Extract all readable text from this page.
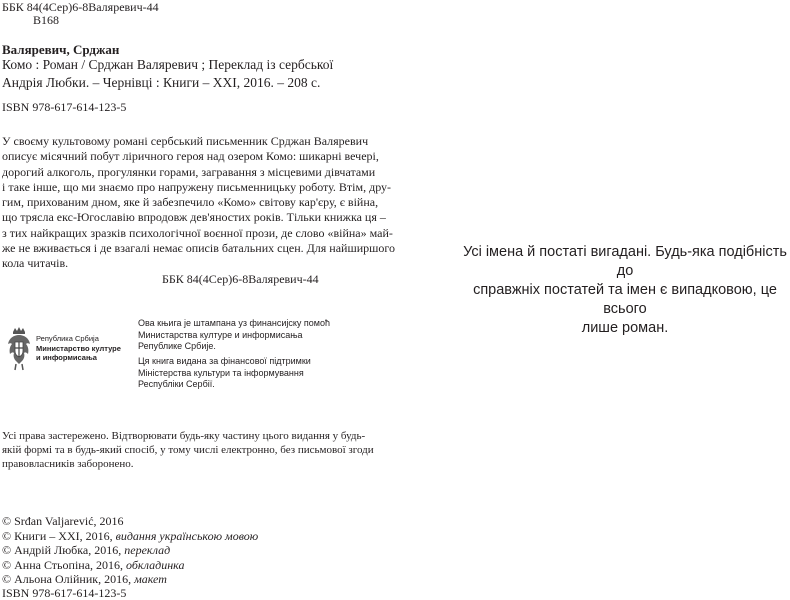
ББК 84(4Сер)6-8Валяревич-44
В168
Валяревич, Срджан
Комо : Роман / Срджан Валяревич ; Переклад із сербської
Андрія Любки. – Чернівці : Книги – ХХІ, 2016. – 208 с.
ISBN 978-617-614-123-5
У своєму культовому романі сербський письменник Срджан Валяревич
описує місячний побут ліричного героя над озером Комо: шикарні вечері,
дорогий алкоголь, прогулянки горами, загравання з місцевими дівчатами
і таке інше, що ми знаємо про напружену письменницьку роботу. Втім, дру-
гим, прихованим дном, яке й забезпечило «Комо» світову кар'єру, є війна,
що трясла екс-Югославію впродовж дев'яностих років. Тільки книжка ця –
з тих найкращих зразків психологічної воєнної прози, де слово «війна» май-
же не вживається і де взагалі немає описів батальних сцен. Для найширшого
кола читачів.
ББК 84(4Сер)6-8Валяревич-44
Република Србија
Министарство културе
и информисања
Ова књига је штампана уз финансијску помоћ
Министарства културе и информисања
Републике Србије.
Ця книга видана за фінансової підтримки
Міністерства культури та інформування
Республіки Сербії.
Усі права застережено. Відтворювати будь-яку частину цього видання у будь-
якій формі та в будь-який спосіб, у тому числі електронно, без письмової згоди
правовласників заборонено.
© Srđan Valjarević, 2016
© Книги – ХХІ, 2016, видання українською мовою
© Андрій Любка, 2016, переклад
© Анна Стьопіна, 2016, обкладинка
© Альона Олійник, 2016, макет
ISBN 978-617-614-123-5
Усі імена й постаті вигадані. Будь-яка подібність до
справжніх постатей та імен є випадковою, це всього
лише роман.
